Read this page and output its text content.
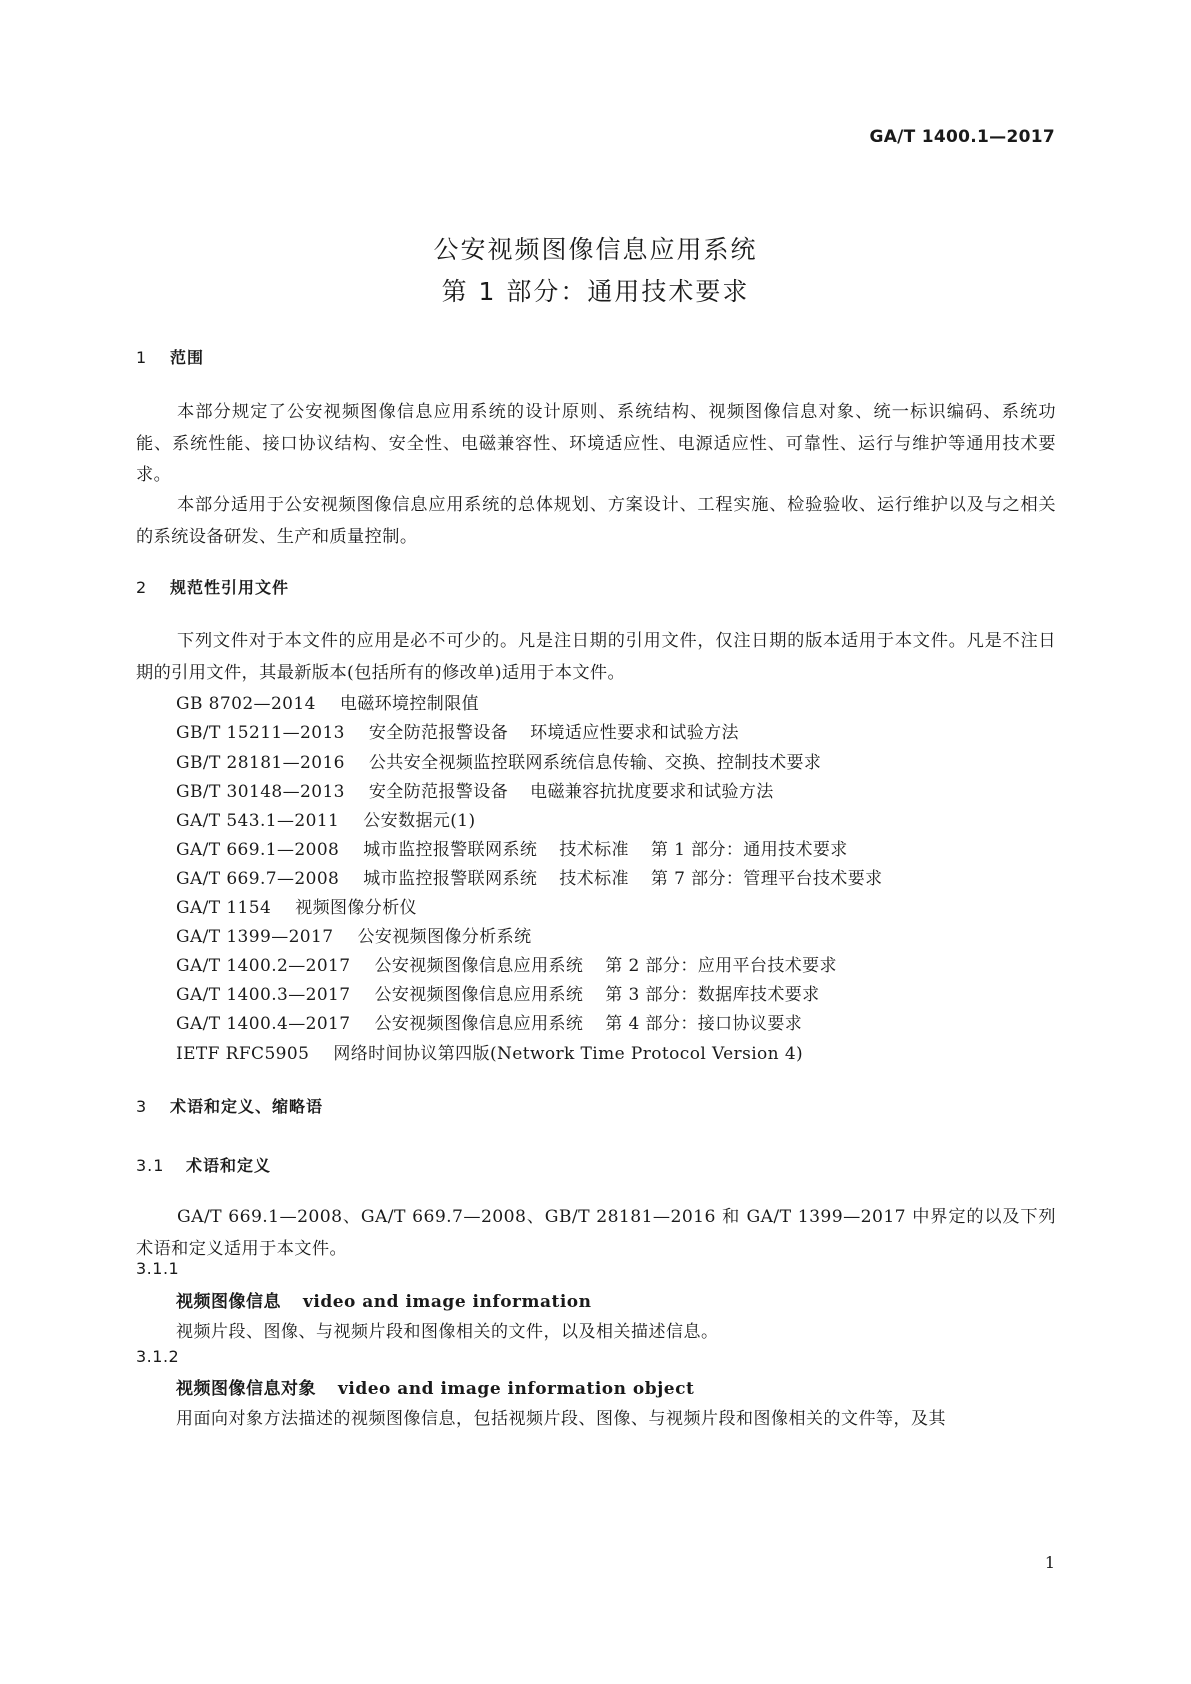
GA/T 1400.1—2017
公安视频图像信息应用系统
第 1 部分：通用技术要求
1 范围
本部分规定了公安视频图像信息应用系统的设计原则、系统结构、视频图像信息对象、统一标识编码、系统功能、系统性能、接口协议结构、安全性、电磁兼容性、环境适应性、电源适应性、可靠性、运行与维护等通用技术要求。
本部分适用于公安视频图像信息应用系统的总体规划、方案设计、工程实施、检验验收、运行维护以及与之相关的系统设备研发、生产和质量控制。
2 规范性引用文件
下列文件对于本文件的应用是必不可少的。凡是注日期的引用文件，仅注日期的版本适用于本文件。凡是不注日期的引用文件，其最新版本(包括所有的修改单)适用于本文件。
GB 8702—2014 电磁环境控制限值
GB/T 15211—2013 安全防范报警设备 环境适应性要求和试验方法
GB/T 28181—2016 公共安全视频监控联网系统信息传输、交换、控制技术要求
GB/T 30148—2013 安全防范报警设备 电磁兼容抗扰度要求和试验方法
GA/T 543.1—2011 公安数据元(1)
GA/T 669.1—2008 城市监控报警联网系统 技术标准 第 1 部分：通用技术要求
GA/T 669.7—2008 城市监控报警联网系统 技术标准 第 7 部分：管理平台技术要求
GA/T 1154 视频图像分析仪
GA/T 1399—2017 公安视频图像分析系统
GA/T 1400.2—2017 公安视频图像信息应用系统 第 2 部分：应用平台技术要求
GA/T 1400.3—2017 公安视频图像信息应用系统 第 3 部分：数据库技术要求
GA/T 1400.4—2017 公安视频图像信息应用系统 第 4 部分：接口协议要求
IETF RFC5905 网络时间协议第四版(Network Time Protocol Version 4)
3 术语和定义、缩略语
3.1 术语和定义
GA/T 669.1—2008、GA/T 669.7—2008、GB/T 28181—2016 和 GA/T 1399—2017 中界定的以及下列术语和定义适用于本文件。
3.1.1
视频图像信息 video and image information
视频片段、图像、与视频片段和图像相关的文件，以及相关描述信息。
3.1.2
视频图像信息对象 video and image information object
用面向对象方法描述的视频图像信息，包括视频片段、图像、与视频片段和图像相关的文件等，及其
1
